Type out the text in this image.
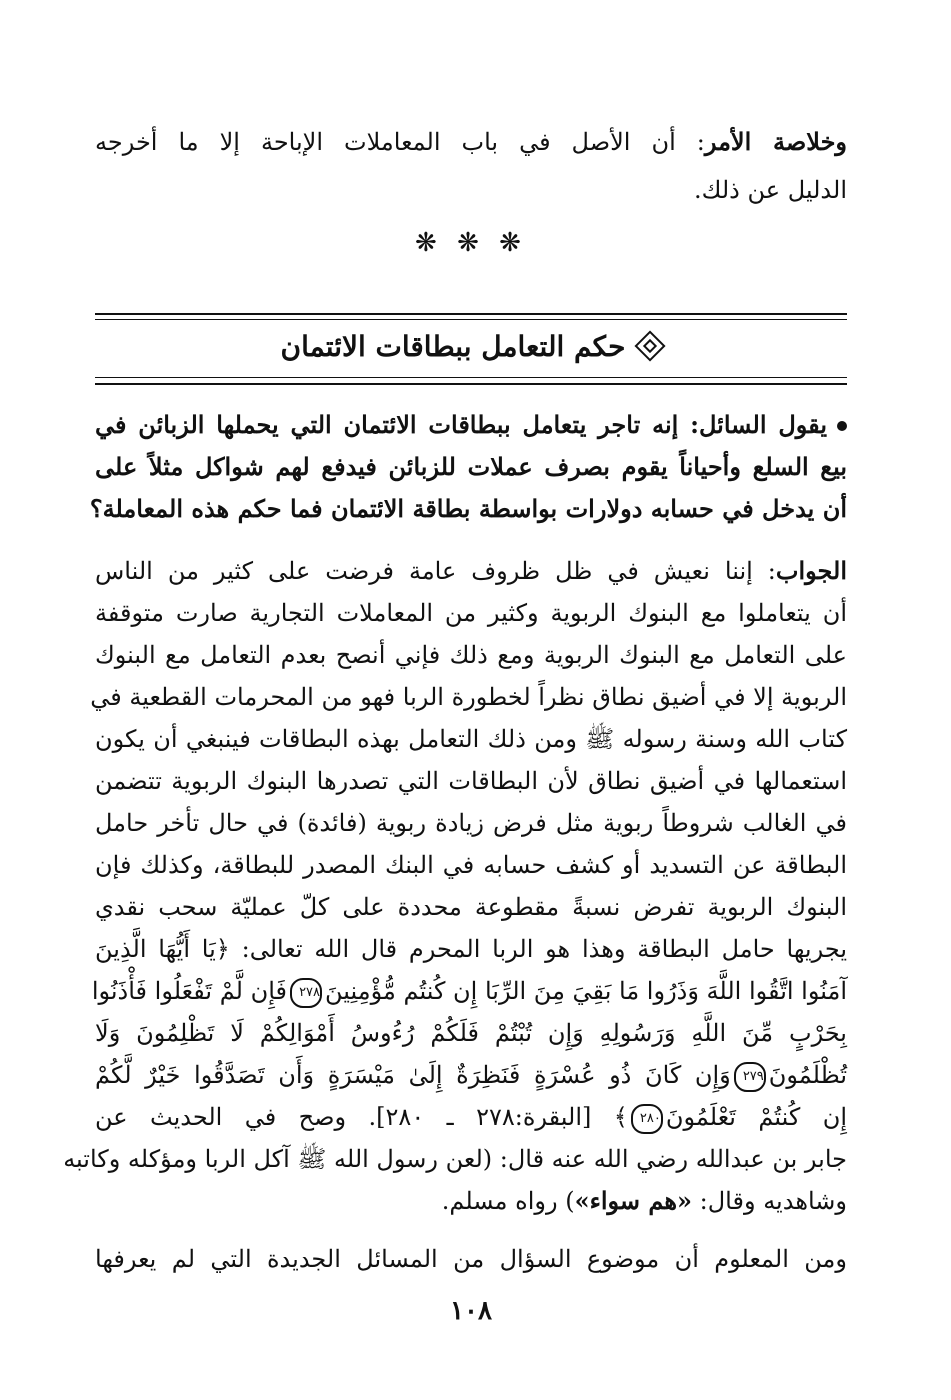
وخلاصة الأمر: أن الأصل في باب المعاملات الإباحة إلا ما أخرجه
الدليل عن ذلك.
❋ ❋ ❋
حكم التعامل ببطاقات الائتمان
يقول السائل: إنه تاجر يتعامل ببطاقات الائتمان التي يحملها الزبائن في
بيع السلع وأحياناً يقوم بصرف عملات للزبائن فيدفع لهم شواكل مثلاً على
أن يدخل في حسابه دولارات بواسطة بطاقة الائتمان فما حكم هذه المعاملة؟
الجواب: إننا نعيش في ظل ظروف عامة فرضت على كثير من الناس
أن يتعاملوا مع البنوك الربوية وكثير من المعاملات التجارية صارت متوقفة
على التعامل مع البنوك الربوية ومع ذلك فإني أنصح بعدم التعامل مع البنوك
الربوية إلا في أضيق نطاق نظراً لخطورة الربا فهو من المحرمات القطعية في
كتاب الله وسنة رسوله ﷺ ومن ذلك التعامل بهذه البطاقات فينبغي أن يكون
استعمالها في أضيق نطاق لأن البطاقات التي تصدرها البنوك الربوية تتضمن
في الغالب شروطاً ربوية مثل فرض زيادة ربوية (فائدة) في حال تأخر حامل
البطاقة عن التسديد أو كشف حسابه في البنك المصدر للبطاقة، وكذلك فإن
البنوك الربوية تفرض نسبةً مقطوعة محددة على كلّ عمليّة سحب نقدي
يجريها حامل البطاقة وهذا هو الربا المحرم قال الله تعالى: ﴿يَا أَيُّهَا الَّذِينَ
آمَنُوا اتَّقُوا اللَّهَ وَذَرُوا مَا بَقِيَ مِنَ الرِّبَا إِن كُنتُم مُّؤْمِنِينَ٢٧٨فَإِن لَّمْ تَفْعَلُوا فَأْذَنُوا
بِحَرْبٍ مِّنَ اللَّهِ وَرَسُولِهِ وَإِن تُبْتُمْ فَلَكُمْ رُءُوسُ أَمْوَالِكُمْ لَا تَظْلِمُونَ وَلَا
تُظْلَمُونَ٢٧٩وَإِن كَانَ ذُو عُسْرَةٍ فَنَظِرَةٌ إِلَىٰ مَيْسَرَةٍ وَأَن تَصَدَّقُوا خَيْرٌ لَّكُمْ
إِن كُنتُمْ تَعْلَمُونَ٢٨٠﴾ [البقرة:٢٧٨ ـ ٢٨٠]. وصح في الحديث عن
جابر بن عبدالله رضي الله عنه قال: (لعن رسول الله ﷺ آكل الربا ومؤكله وكاتبه
وشاهديه وقال: «هم سواء») رواه مسلم.
ومن المعلوم أن موضوع السؤال من المسائل الجديدة التي لم يعرفها
١٠٨
